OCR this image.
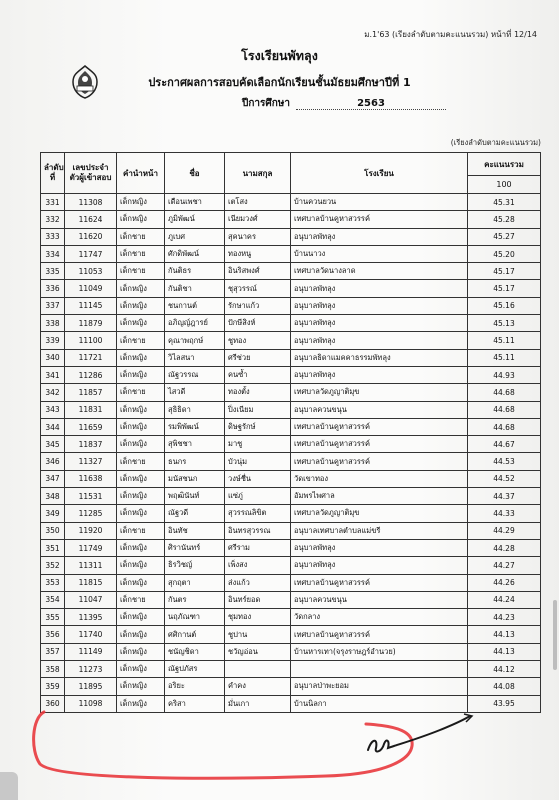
ม.1'63 (เรียงลำดับตามคะแนนรวม) หน้าที่ 12/14
โรงเรียนพัทลุง
ประกาศผลการสอบคัดเลือกนักเรียนชั้นมัธยมศึกษาปีที่ 1
ปีการศึกษา	2563
(เรียงลำดับตามคะแนนรวม)
ลำดับที่	เลขประจำตัวผู้เข้าสอบ	คำนำหน้า	ชื่อ	นามสกุล	โรงเรียน	คะแนนรวม
						100
331	11308	เด็กหญิง	เดือนเพชา	เตโสง	บ้านควนยวน	45.31
332	11624	เด็กหญิง	ภูมิพัฒน์	เนียมวงศ์	เทศบาลบ้านคูหาสวรรค์	45.28
333	11620	เด็กชาย	ภูเบศ	สุคนาคร	อนุบาลพัทลุง	45.27
334	11747	เด็กชาย	ศักดิพัฒน์	ทองหนู	บ้านนาวง	45.20
335	11053	เด็กชาย	กันติธร	อินริสพงศ์	เทศบาลวัดนางลาด	45.17
336	11049	เด็กหญิง	กันติชา	ชุสุวรรณ์	อนุบาลพัทลุง	45.17
337	11145	เด็กหญิง	ชนกานต์	รักษาแก้ว	อนุบาลพัทลุง	45.16
338	11879	เด็กหญิง	อภิญญ์ฎารย์	ปักษีสิงห์	อนุบาลพัทลุง	45.13
339	11100	เด็กชาย	คุณาพฤกษ์	ชูทอง	อนุบาลพัทลุง	45.11
340	11721	เด็กหญิง	วิไลสนา	ศรีช่วย	อนุบาลธิดาแมคคาธรรมพัทลุง	45.11
341	11286	เด็กหญิง	ณัฐวรรณ	คนซ้ำ	อนุบาลพัทลุง	44.93
342	11857	เด็กชาย	ไสวดี	ทองตั้ง	เทศบาลวัดภูญาติมุข	44.68
343	11831	เด็กหญิง	สุธิธิดา	ปิ่งเนียม	อนุบาลควนขนุน	44.68
344	11659	เด็กหญิง	รมพิพัฒน์	ดิษฐรักษ์	เทศบาลบ้านคูหาสวรรค์	44.68
345	11837	เด็กหญิง	สุพิชชา	มาชู	เทศบาลบ้านคูหาสวรรค์	44.67
346	11327	เด็กชาย	ธนกร	บัวนุ่ม	เทศบาลบ้านคูหาสวรรค์	44.53
347	11638	เด็กหญิง	มนัสชนก	วงษ์ชื่น	วัดเขาทอง	44.52
348	11531	เด็กหญิง	พฤฒินันท์	แซ่ภู่	อัมพรไพศาล	44.37
349	11285	เด็กหญิง	ณัฐวดี	สุวรรณลิขิต	เทศบาลวัดภูญาติมุข	44.33
350	11920	เด็กชาย	อินทัช	อินทรสุวรรณ	อนุบาลเทศบาลตำบลแม่ขรี	44.29
351	11749	เด็กหญิง	ศิรานันทร์	ศรีราม	อนุบาลพัทลุง	44.28
352	11311	เด็กหญิง	ธิรวิชญ์	เพ็งสง	อนุบาลพัทลุง	44.27
353	11815	เด็กหญิง	สุกฤตา	ส่งแก้ว	เทศบาลบ้านคูหาสวรรค์	44.26
354	11047	เด็กชาย	กันตร	อินทร์ยอด	อนุบาลควนขนุน	44.24
355	11395	เด็กหญิง	นฤภัณฑา	ชุมทอง	วัดกลาง	44.23
356	11740	เด็กหญิง	ศศิกานต์	ชูปาน	เทศบาลบ้านคูหาสวรรค์	44.13
357	11149	เด็กหญิง	ชนัญชิดา	ชวัญอ่อน	บ้านหารเทา(จรุงราษฎร์อำนวย)	44.13
358	11273	เด็กหญิง	ณัฐปภัสร			44.12
359	11895	เด็กหญิง	อริยะ	คำคง	อนุบาลป่าพะยอม	44.08
360	11098	เด็กหญิง	คริสา	มั่นเกา	บ้านนิลกา	43.95
